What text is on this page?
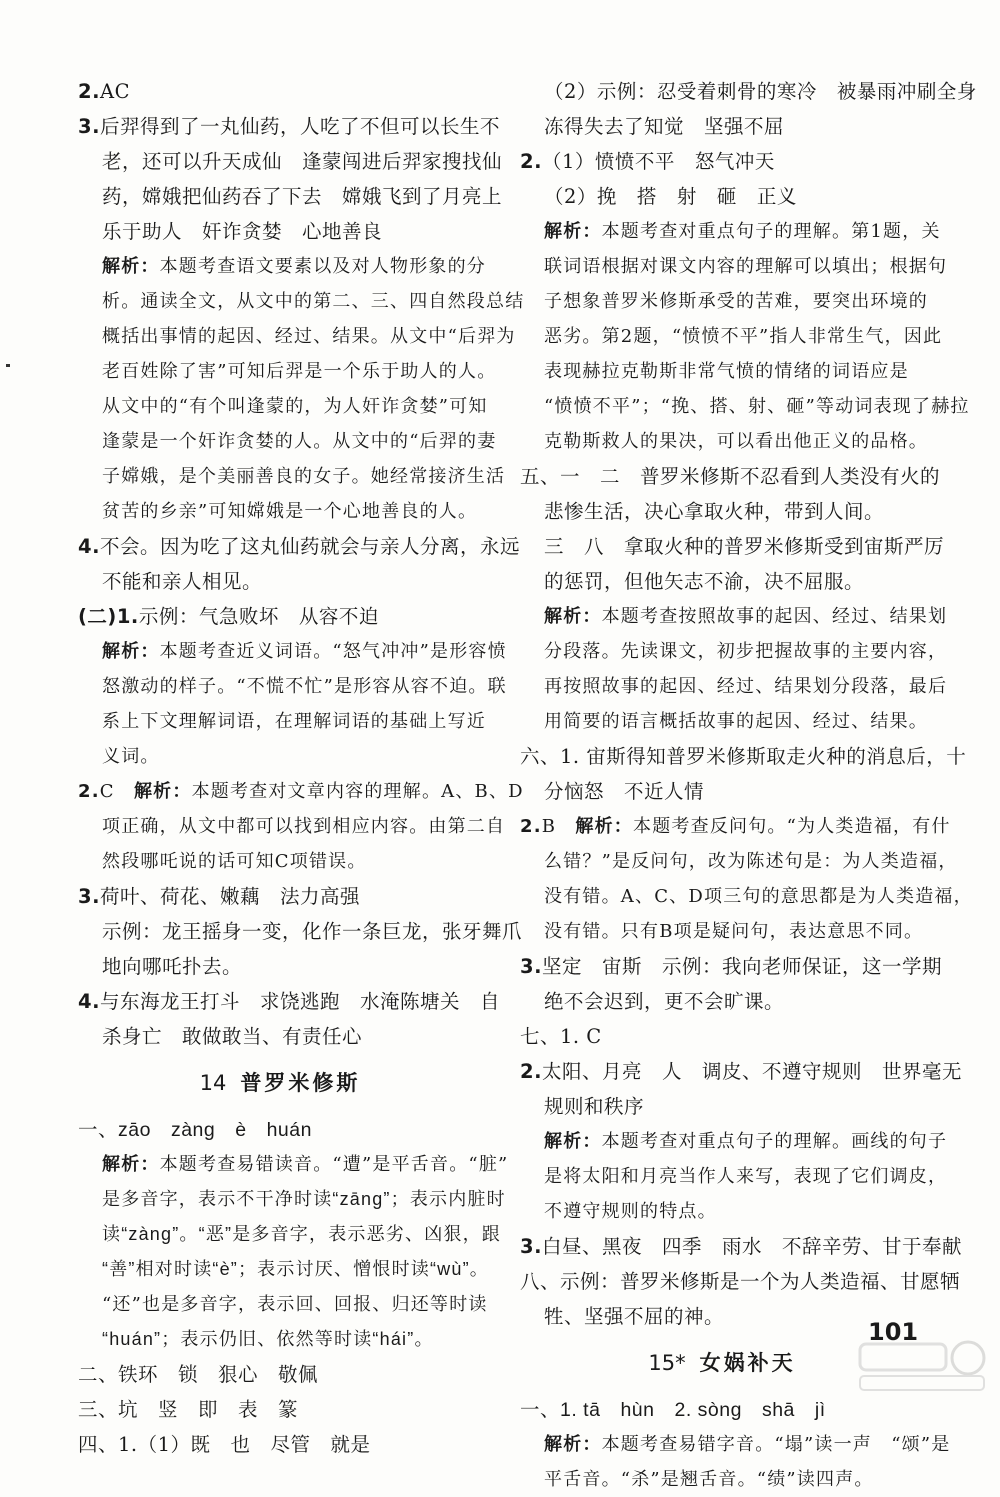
2.AC
3.后羿得到了一丸仙药，人吃了不但可以长生不
老，还可以升天成仙　逢蒙闯进后羿家搜找仙
药，嫦娥把仙药吞了下去　嫦娥飞到了月亮上
乐于助人　奸诈贪婪　心地善良
解析：本题考查语文要素以及对人物形象的分
析。通读全文，从文中的第二、三、四自然段总结
概括出事情的起因、经过、结果。从文中“后羿为
老百姓除了害”可知后羿是一个乐于助人的人。
从文中的“有个叫逢蒙的，为人奸诈贪婪”可知
逢蒙是一个奸诈贪婪的人。从文中的“后羿的妻
子嫦娥，是个美丽善良的女子。她经常接济生活
贫苦的乡亲”可知嫦娥是一个心地善良的人。
4.不会。因为吃了这丸仙药就会与亲人分离，永远
不能和亲人相见。
(二)1.示例：气急败坏　从容不迫
解析：本题考查近义词语。“怒气冲冲”是形容愤
怒激动的样子。“不慌不忙”是形容从容不迫。联
系上下文理解词语，在理解词语的基础上写近
义词。
2.C　解析：本题考查对文章内容的理解。A、B、D
项正确，从文中都可以找到相应内容。由第二自
然段哪吒说的话可知C项错误。
3.荷叶、荷花、嫩藕　法力高强
示例：龙王摇身一变，化作一条巨龙，张牙舞爪
地向哪吒扑去。
4.与东海龙王打斗　求饶逃跑　水淹陈塘关　自
杀身亡　敢做敢当、有责任心
14 普罗米修斯
一、zāo　zàng　è　huán
解析：本题考查易错读音。“遭”是平舌音。“脏”
是多音字，表示不干净时读“zāng”；表示内脏时
读“zàng”。“恶”是多音字，表示恶劣、凶狠，跟
“善”相对时读“è”；表示讨厌、憎恨时读“wù”。
“还”也是多音字，表示回、回报、归还等时读
“huán”；表示仍旧、依然等时读“hái”。
二、铁环　锁　狠心　敬佩
三、坑　竖　即　表　篆
四、1.（1）既　也　尽管　就是
（2）示例：忍受着刺骨的寒冷　被暴雨冲刷全身
冻得失去了知觉　坚强不屈
2.（1）愤愤不平　怒气冲天
（2）挽　搭　射　砸　正义
解析：本题考查对重点句子的理解。第1题，关
联词语根据对课文内容的理解可以填出；根据句
子想象普罗米修斯承受的苦难，要突出环境的
恶劣。第2题，“愤愤不平”指人非常生气，因此
表现赫拉克勒斯非常气愤的情绪的词语应是
“愤愤不平”；“挽、搭、射、砸”等动词表现了赫拉
克勒斯救人的果决，可以看出他正义的品格。
五、一　二　普罗米修斯不忍看到人类没有火的
悲惨生活，决心拿取火种，带到人间。
三　八　拿取火种的普罗米修斯受到宙斯严厉
的惩罚，但他矢志不渝，决不屈服。
解析：本题考查按照故事的起因、经过、结果划
分段落。先读课文，初步把握故事的主要内容，
再按照故事的起因、经过、结果划分段落，最后
用简要的语言概括故事的起因、经过、结果。
六、1. 宙斯得知普罗米修斯取走火种的消息后，十
分恼怒　不近人情
2.B　解析：本题考查反问句。“为人类造福，有什
么错？”是反问句，改为陈述句是：为人类造福，
没有错。A、C、D项三句的意思都是为人类造福，
没有错。只有B项是疑问句，表达意思不同。
3.坚定　宙斯　示例：我向老师保证，这一学期
绝不会迟到，更不会旷课。
七、1. C
2.太阳、月亮　人　调皮、不遵守规则　世界毫无
规则和秩序
解析：本题考查对重点句子的理解。画线的句子
是将太阳和月亮当作人来写，表现了它们调皮，
不遵守规则的特点。
3.白昼、黑夜　四季　雨水　不辞辛劳、甘于奉献
八、示例：普罗米修斯是一个为人类造福、甘愿牺
牲、坚强不屈的神。
15* 女娲补天
一、1. tā　hùn　2. sòng　shā　jì
解析：本题考查易错字音。“塌”读一声　“颂”是
平舌音。“杀”是翘舌音。“绩”读四声。
101
